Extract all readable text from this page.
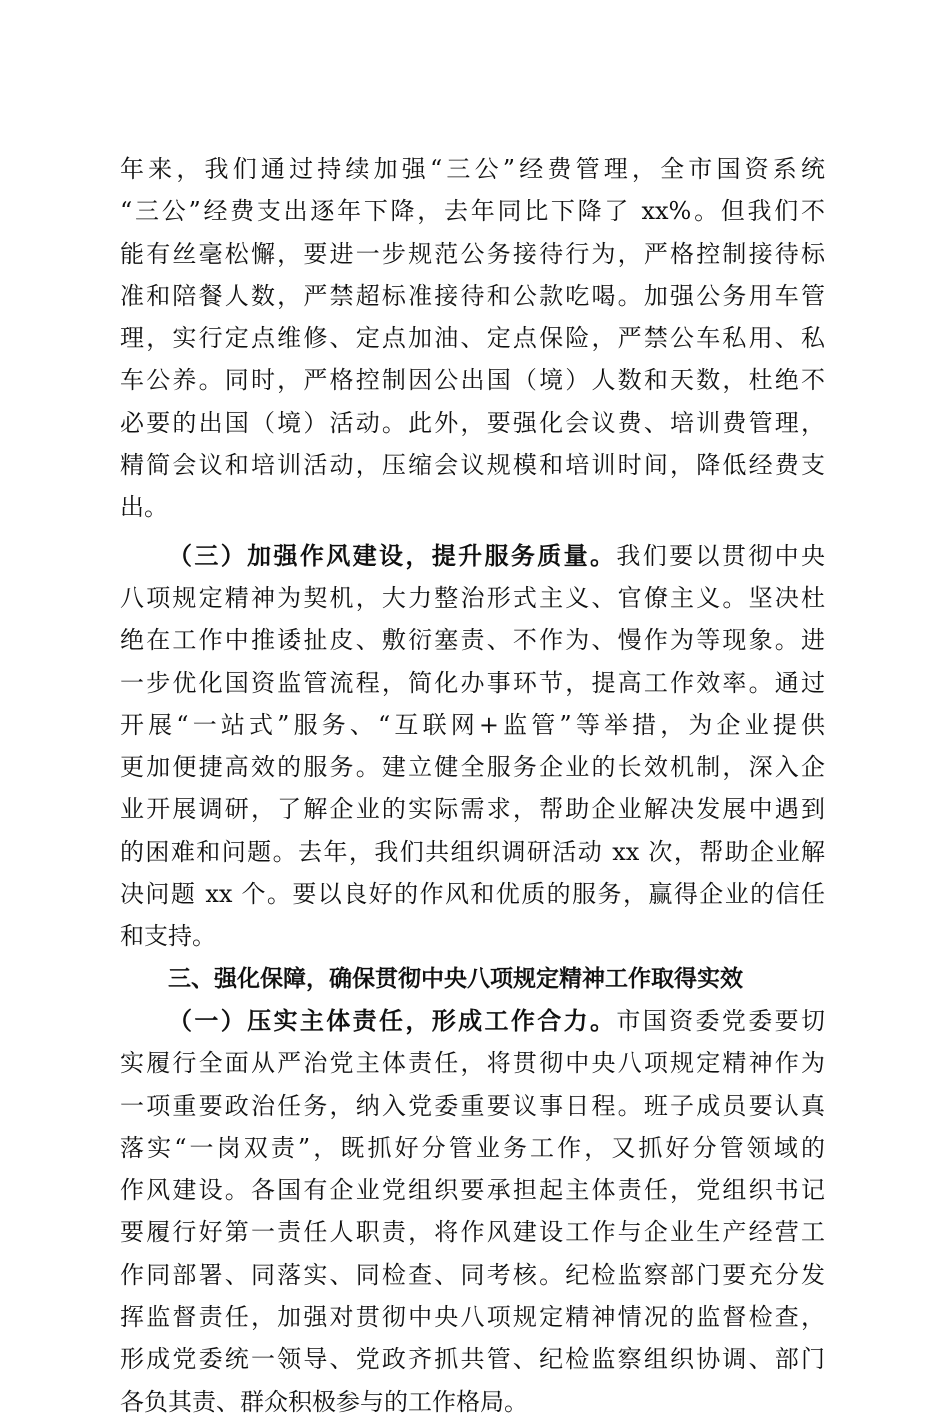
年来，我们通过持续加强“三公”经费管理，全市国资系统
“三公”经费支出逐年下降，去年同比下降了 xx%。但我们不
能有丝毫松懈，要进一步规范公务接待行为，严格控制接待标
准和陪餐人数，严禁超标准接待和公款吃喝。加强公务用车管
理，实行定点维修、定点加油、定点保险，严禁公车私用、私
车公养。同时，严格控制因公出国（境）人数和天数，杜绝不
必要的出国（境）活动。此外，要强化会议费、培训费管理，
精简会议和培训活动，压缩会议规模和培训时间，降低经费支
出。
（三）加强作风建设，提升服务质量。我们要以贯彻中央
八项规定精神为契机，大力整治形式主义、官僚主义。坚决杜
绝在工作中推诿扯皮、敷衍塞责、不作为、慢作为等现象。进
一步优化国资监管流程，简化办事环节，提高工作效率。通过
开展“一站式”服务、“互联网+监管”等举措，为企业提供
更加便捷高效的服务。建立健全服务企业的长效机制，深入企
业开展调研，了解企业的实际需求，帮助企业解决发展中遇到
的困难和问题。去年，我们共组织调研活动 xx 次，帮助企业解
决问题 xx 个。要以良好的作风和优质的服务，赢得企业的信任
和支持。
三、强化保障，确保贯彻中央八项规定精神工作取得实效
（一）压实主体责任，形成工作合力。市国资委党委要切
实履行全面从严治党主体责任，将贯彻中央八项规定精神作为
一项重要政治任务，纳入党委重要议事日程。班子成员要认真
落实“一岗双责”，既抓好分管业务工作，又抓好分管领域的
作风建设。各国有企业党组织要承担起主体责任，党组织书记
要履行好第一责任人职责，将作风建设工作与企业生产经营工
作同部署、同落实、同检查、同考核。纪检监察部门要充分发
挥监督责任，加强对贯彻中央八项规定精神情况的监督检查，
形成党委统一领导、党政齐抓共管、纪检监察组织协调、部门
各负其责、群众积极参与的工作格局。
